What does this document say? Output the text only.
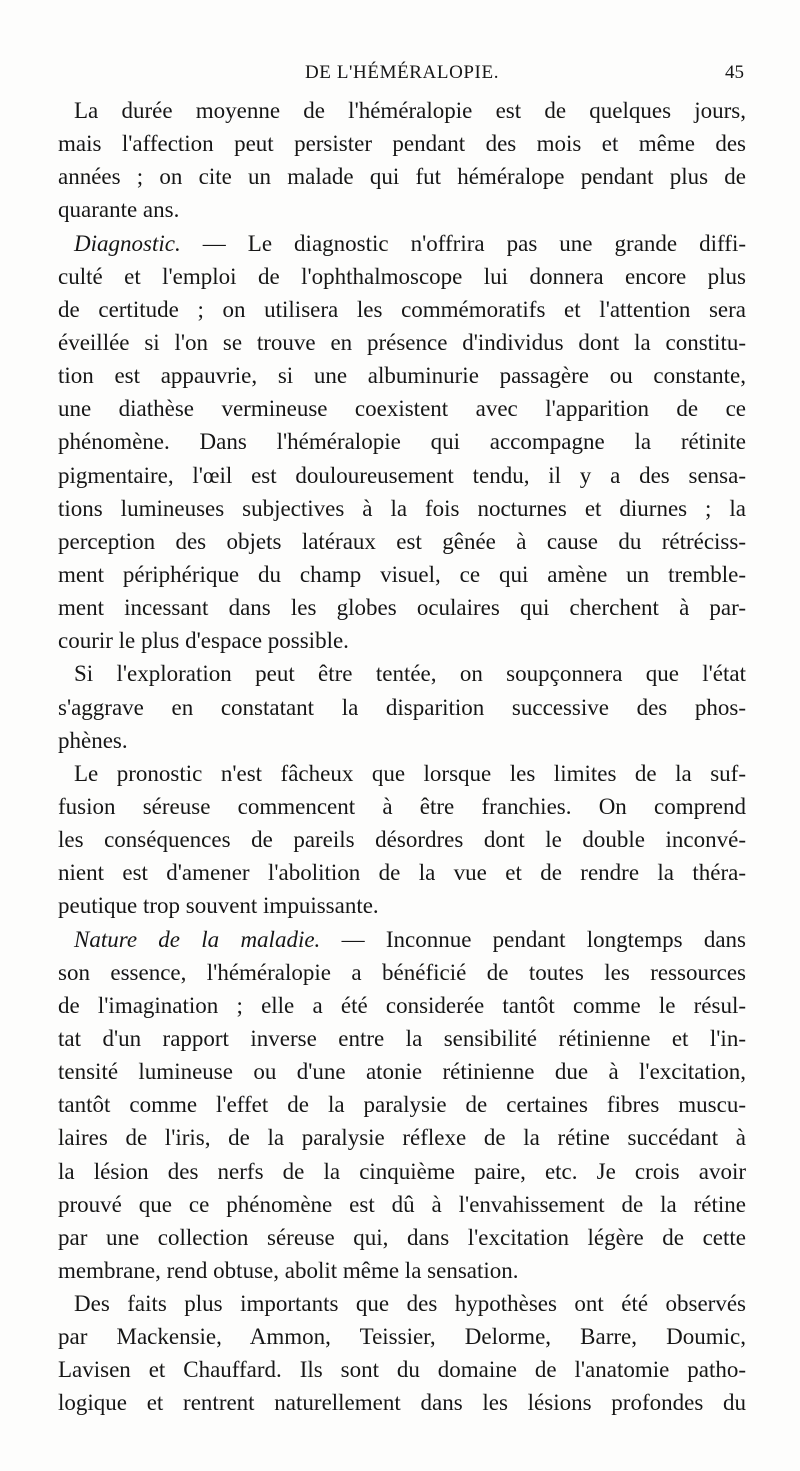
DE L'HÉMÉRALOPIE.	45
La durée moyenne de l'héméralopie est de quelques jours,
mais l'affection peut persister pendant des mois et même des
années ; on cite un malade qui fut héméralope pendant plus de
quarante ans.
Diagnostic. — Le diagnostic n'offrira pas une grande diffi-
culté et l'emploi de l'ophthalmoscope lui donnera encore plus
de certitude ; on utilisera les commémoratifs et l'attention sera
éveillée si l'on se trouve en présence d'individus dont la constitu-
tion est appauvrie, si une albuminurie passagère ou constante,
une diathèse vermineuse coexistent avec l'apparition de ce
phénomène. Dans l'héméralopie qui accompagne la rétinite
pigmentaire, l'œil est douloureusement tendu, il y a des sensa-
tions lumineuses subjectives à la fois nocturnes et diurnes ; la
perception des objets latéraux est gênée à cause du rétréciss-
ment périphérique du champ visuel, ce qui amène un tremble-
ment incessant dans les globes oculaires qui cherchent à par-
courir le plus d'espace possible.
Si l'exploration peut être tentée, on soupçonnera que l'état
s'aggrave en constatant la disparition successive des phos-
phènes.
Le pronostic n'est fâcheux que lorsque les limites de la suf-
fusion séreuse commencent à être franchies. On comprend
les conséquences de pareils désordres dont le double inconvé-
nient est d'amener l'abolition de la vue et de rendre la théra-
peutique trop souvent impuissante.
Nature de la maladie. — Inconnue pendant longtemps dans
son essence, l'héméralopie a bénéficié de toutes les ressources
de l'imagination ; elle a été considerée tantôt comme le résul-
tat d'un rapport inverse entre la sensibilité rétinienne et l'in-
tensité lumineuse ou d'une atonie rétinienne due à l'excitation,
tantôt comme l'effet de la paralysie de certaines fibres muscu-
laires de l'iris, de la paralysie réflexe de la rétine succédant à
la lésion des nerfs de la cinquième paire, etc. Je crois avoir
prouvé que ce phénomène est dû à l'envahissement de la rétine
par une collection séreuse qui, dans l'excitation légère de cette
membrane, rend obtuse, abolit même la sensation.
Des faits plus importants que des hypothèses ont été observés
par Mackensie, Ammon, Teissier, Delorme, Barre, Doumic,
Lavisen et Chauffard. Ils sont du domaine de l'anatomie patho-
logique et rentrent naturellement dans les lésions profondes du
